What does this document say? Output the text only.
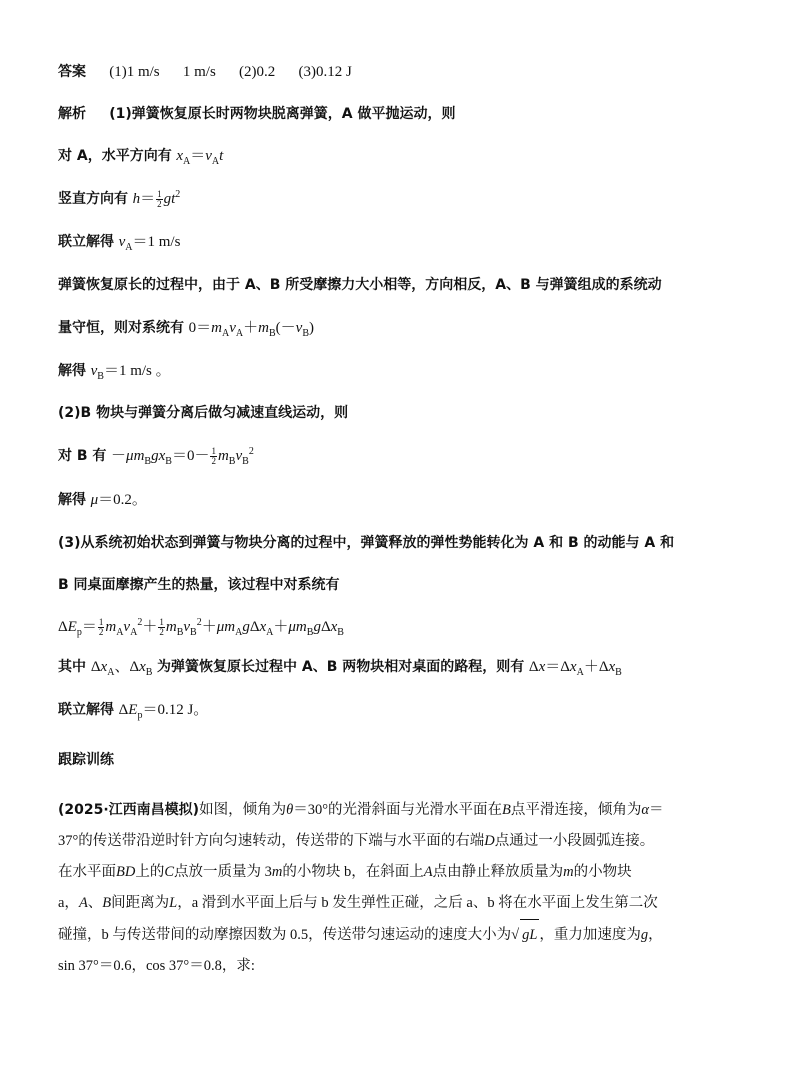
答案 (1)1 m/s 1 m/s (2)0.2 (3)0.12 J
解析 (1)弹簧恢复原长时两物块脱离弹簧，A 做平抛运动，则
对 A，水平方向有 $x_A=v_At$
竖直方向有 $h= \frac{1}{2} gt^2$
联立解得 $v_A=1$ m/s
弹簧恢复原长的过程中，由于 A、B 所受摩擦力大小相等，方向相反，A、B 与弹簧组成的系统动
量守恒，则对系统有 $0=m_Av_A+m_B(-v_B)$
解得 $v_B=1$ m/s 。
(2)B 物块与弹簧分离后做匀减速直线运动，则
对 B 有 $-\mu m_Bgx_B=0- \frac{1}{2} m_Bv_B^2$
解得 μ＝0.2。
(3)从系统初始状态到弹簧与物块分离的过程中，弹簧释放的弹性势能转化为 A 和 B 的动能与 A 和
B 同桌面摩擦产生的热量，该过程中对系统有
$\Delta E_p= \frac{1}{2} m_Av_A^2+ \frac{1}{2} m_Bv_B^2+\mu m_Ag\Delta x_A+\mu m_Bg\Delta x_B$
其中 $\Delta x_A$、$\Delta x_B$ 为弹簧恢复原长过程中 A、B 两物块相对桌面的路程，则有 $\Delta x=\Delta x_A+\Delta x_B$
联立解得 $\Delta E_p=0.12$ J。
跟踪训练
(2025·江西南昌模拟)如图，倾角为θ＝30°的光滑斜面与光滑水平面在B点平滑连接，倾角为α＝
37°的传送带沿逆时针方向匀速转动，传送带的下端与水平面的右端D点通过一小段圆弧连接。
在水平面BD上的C点放一质量为 3m的小物块 b，在斜面上A点由静止释放质量为m的小物块
a，A、B间距离为L，a 滑到水平面上后与 b 发生弹性正碰，之后 a、b 将在水平面上发生第二次
碰撞，b 与传送带间的动摩擦因数为 0.5，传送带匀速运动的速度大小为√ gL ，重力加速度为g，
sin 37°＝0.6，cos 37°＝0.8，求:
